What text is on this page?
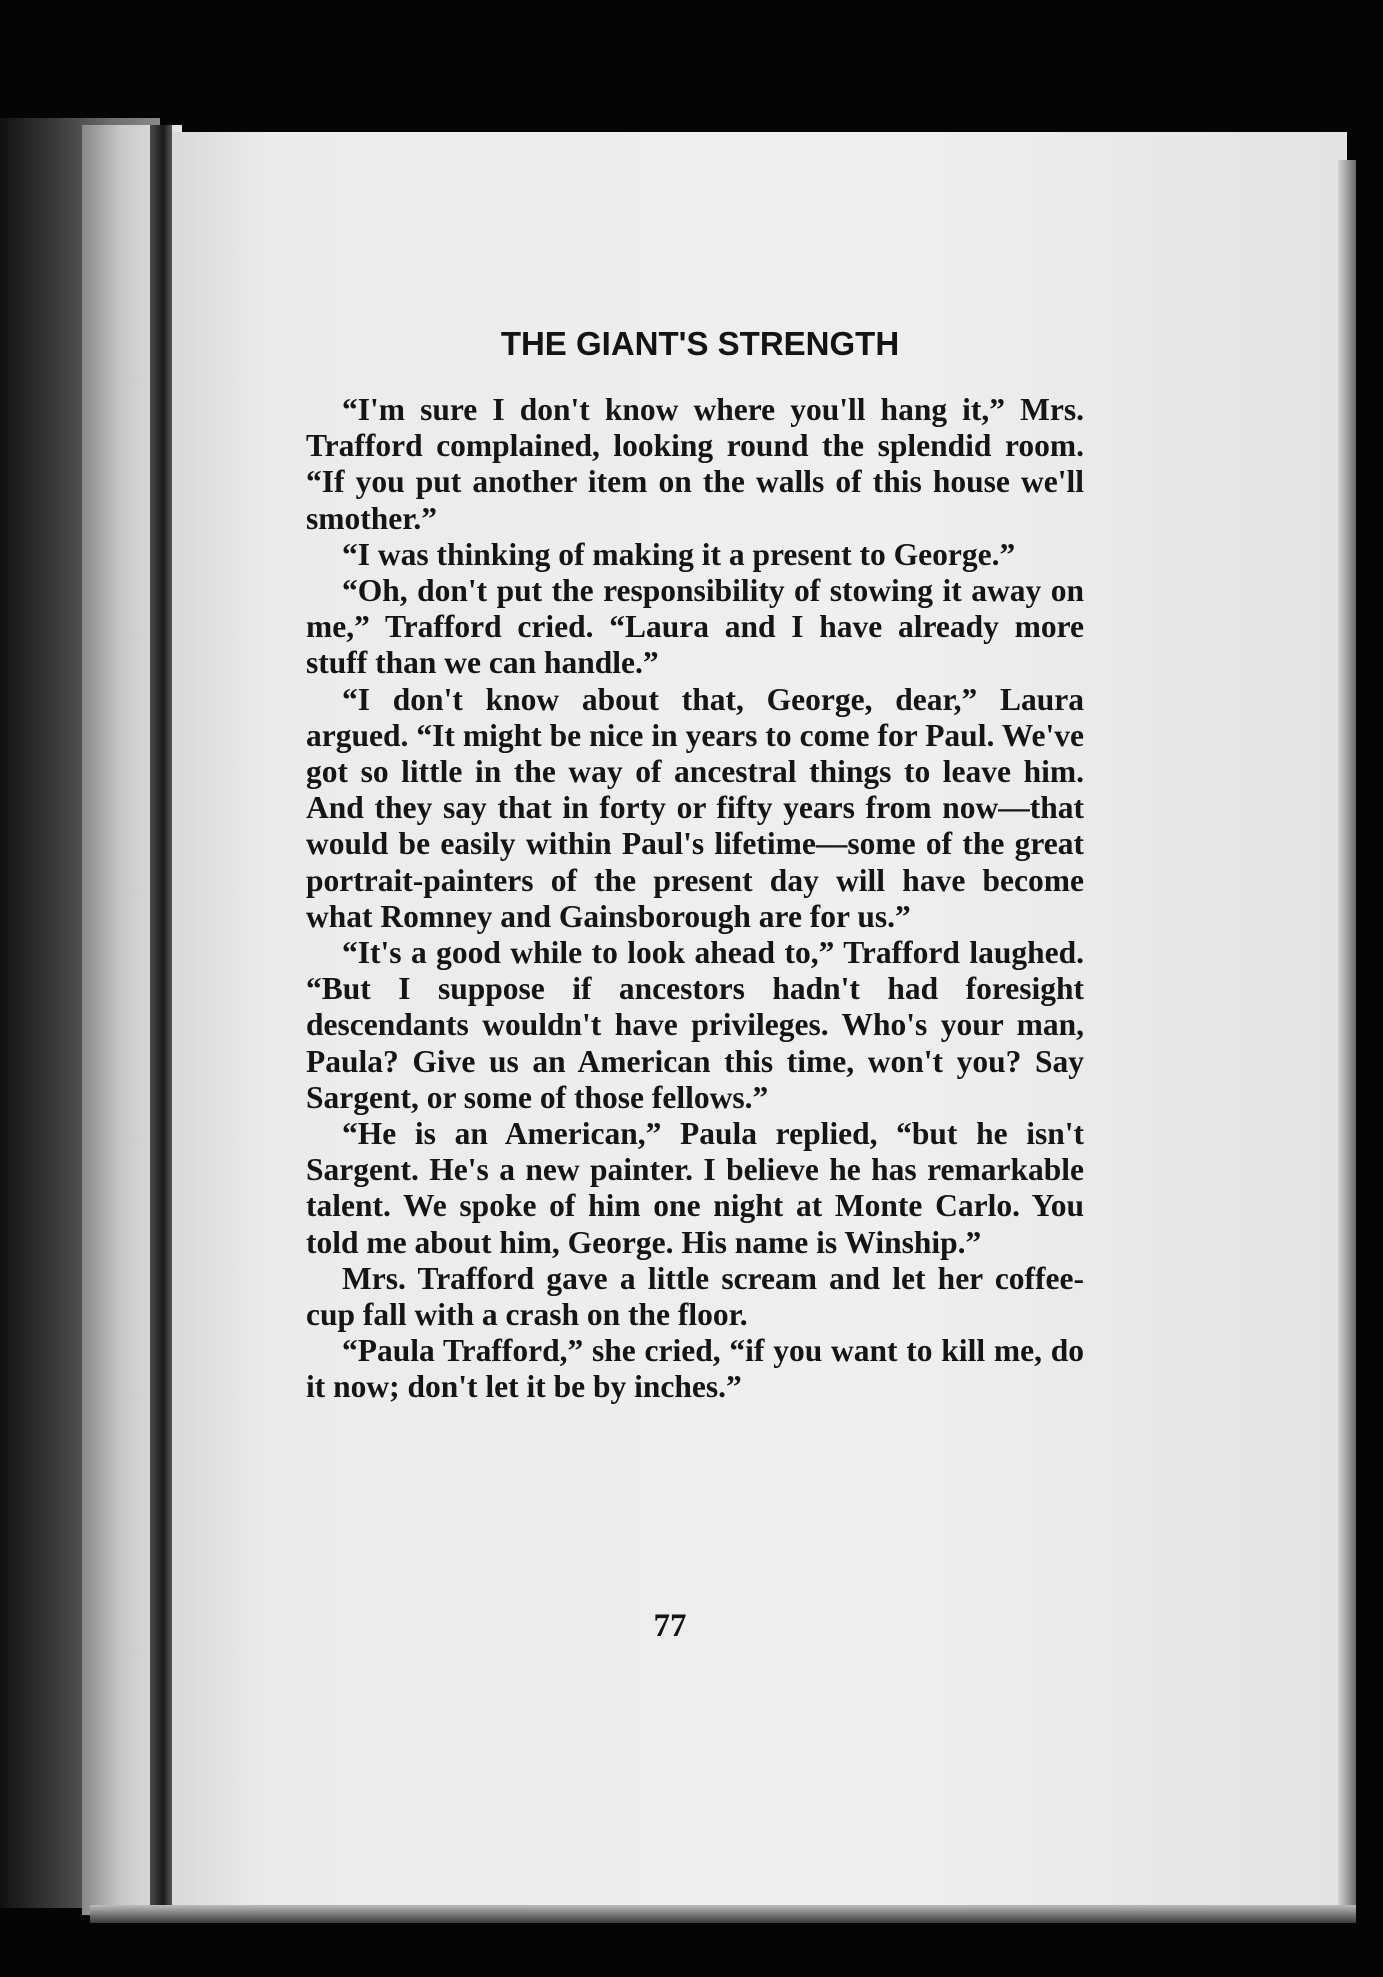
THE GIANT'S STRENGTH

“I'm sure I don't know where you'll hang it,” Mrs. Trafford complained, looking round the splendid room. “If you put another item on the walls of this house we'll smother.”

“I was thinking of making it a present to George.”

“Oh, don't put the responsibility of stowing it away on me,” Trafford cried. “Laura and I have already more stuff than we can handle.”

“I don't know about that, George, dear,” Laura argued. “It might be nice in years to come for Paul. We've got so little in the way of ancestral things to leave him. And they say that in forty or fifty years from now—that would be easily within Paul's lifetime—some of the great portrait-painters of the present day will have become what Romney and Gainsborough are for us.”

“It's a good while to look ahead to,” Trafford laughed. “But I suppose if ancestors hadn't had foresight descendants wouldn't have privileges. Who's your man, Paula? Give us an American this time, won't you? Say Sargent, or some of those fellows.”

“He is an American,” Paula replied, “but he isn't Sargent. He's a new painter. I believe he has remarkable talent. We spoke of him one night at Monte Carlo. You told me about him, George. His name is Winship.”

Mrs. Trafford gave a little scream and let her coffee-cup fall with a crash on the floor.

“Paula Trafford,” she cried, “if you want to kill me, do it now; don't let it be by inches.”

77
